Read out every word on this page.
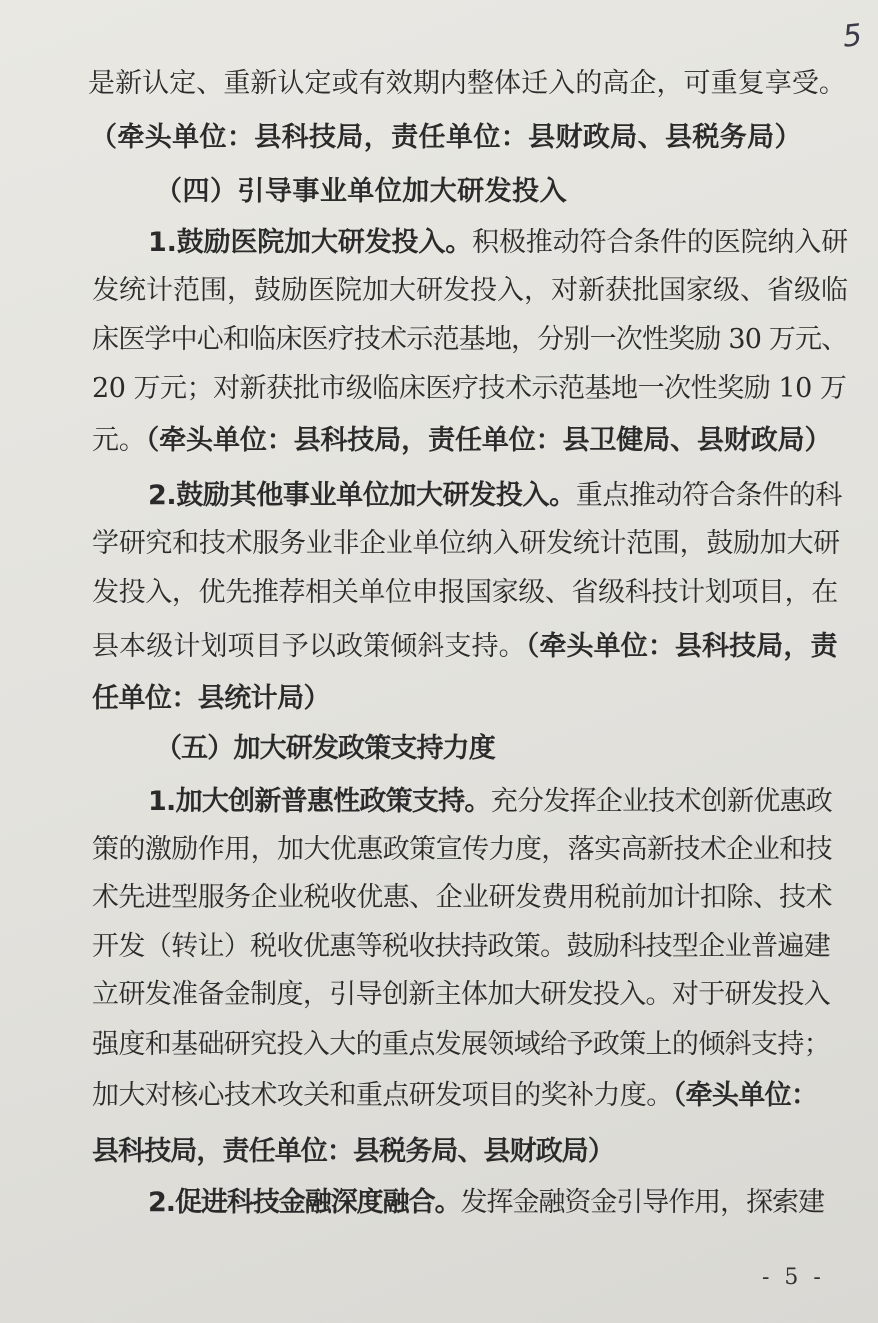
5
是新认定、重新认定或有效期内整体迁入的高企，可重复享受。
（牵头单位：县科技局，责任单位：县财政局、县税务局）
（四）引导事业单位加大研发投入
1.鼓励医院加大研发投入。积极推动符合条件的医院纳入研
发统计范围，鼓励医院加大研发投入，对新获批国家级、省级临
床医学中心和临床医疗技术示范基地，分别一次性奖励 30 万元、
20 万元；对新获批市级临床医疗技术示范基地一次性奖励 10 万
元。（牵头单位：县科技局，责任单位：县卫健局、县财政局）
2.鼓励其他事业单位加大研发投入。重点推动符合条件的科
学研究和技术服务业非企业单位纳入研发统计范围，鼓励加大研
发投入，优先推荐相关单位申报国家级、省级科技计划项目，在
县本级计划项目予以政策倾斜支持。（牵头单位：县科技局，责
任单位：县统计局）
（五）加大研发政策支持力度
1.加大创新普惠性政策支持。充分发挥企业技术创新优惠政
策的激励作用，加大优惠政策宣传力度，落实高新技术企业和技
术先进型服务企业税收优惠、企业研发费用税前加计扣除、技术
开发（转让）税收优惠等税收扶持政策。鼓励科技型企业普遍建
立研发准备金制度，引导创新主体加大研发投入。对于研发投入
强度和基础研究投入大的重点发展领域给予政策上的倾斜支持；
加大对核心技术攻关和重点研发项目的奖补力度。（牵头单位：
县科技局，责任单位：县税务局、县财政局）
2.促进科技金融深度融合。发挥金融资金引导作用，探索建
- 5 -
